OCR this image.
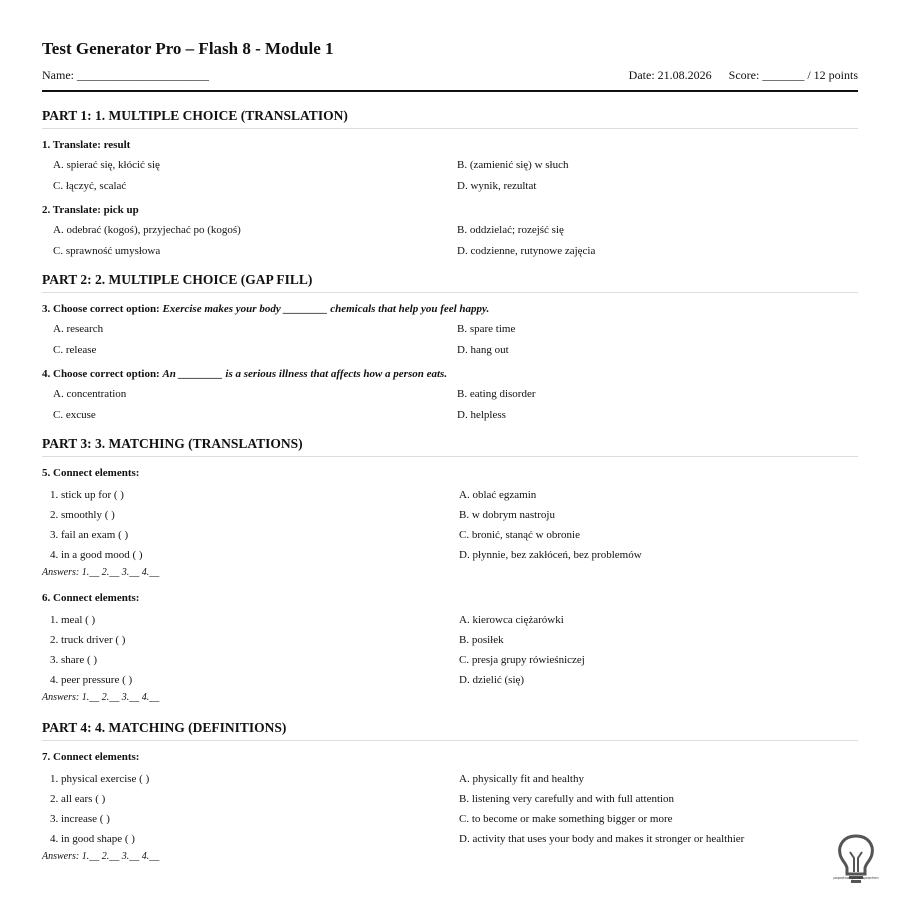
Test Generator Pro – Flash 8 - Module 1
Name: ______________________	Date: 21.08.2026 Score: _______ / 12 points
PART 1: 1. MULTIPLE CHOICE (TRANSLATION)

1. Translate: result

A. spierać się, kłócić się	B. (zamienić się) w słuch
C. łączyć, scalać	D. wynik, rezultat

2. Translate: pick up

A. odebrać (kogoś), przyjechać po (kogoś)	B. oddzielać; rozejść się
C. sprawność umysłowa	D. codzienne, rutynowe zajęcia
PART 2: 2. MULTIPLE CHOICE (GAP FILL)

3. Choose correct option: Exercise makes your body ________ chemicals that help you feel happy.

A. research	B. spare time
C. release	D. hang out

4. Choose correct option: An ________ is a serious illness that affects how a person eats.

A. concentration	B. eating disorder
C. excuse	D. helpless
PART 3: 3. MATCHING (TRANSLATIONS)

5. Connect elements:

1. stick up for ( )	A. oblać egzamin
2. smoothly ( )	B. w dobrym nastroju
3. fail an exam ( )	C. bronić, stanąć w obronie
4. in a good mood ( )	D. płynnie, bez zakłóceń, bez problemów
Answers: 1.__ 2.__ 3.__ 4.__

6. Connect elements:

1. meal ( )	A. kierowca ciężarówki
2. truck driver ( )	B. posiłek
3. share ( )	C. presja grupy rówieśniczej
4. peer pressure ( )	D. dzielić (się)
Answers: 1.__ 2.__ 3.__ 4.__
PART 4: 4. MATCHING (DEFINITIONS)

7. Connect elements:

1. physical exercise ( )	A. physically fit and healthy
2. all ears ( )	B. listening very carefully and with full attention
3. increase ( )	C. to become or make something bigger or more
4. in good shape ( )	D. activity that uses your body and makes it stronger or healthier
Answers: 1.__ 2.__ 3.__ 4.__
paprotnangielskisprachen
